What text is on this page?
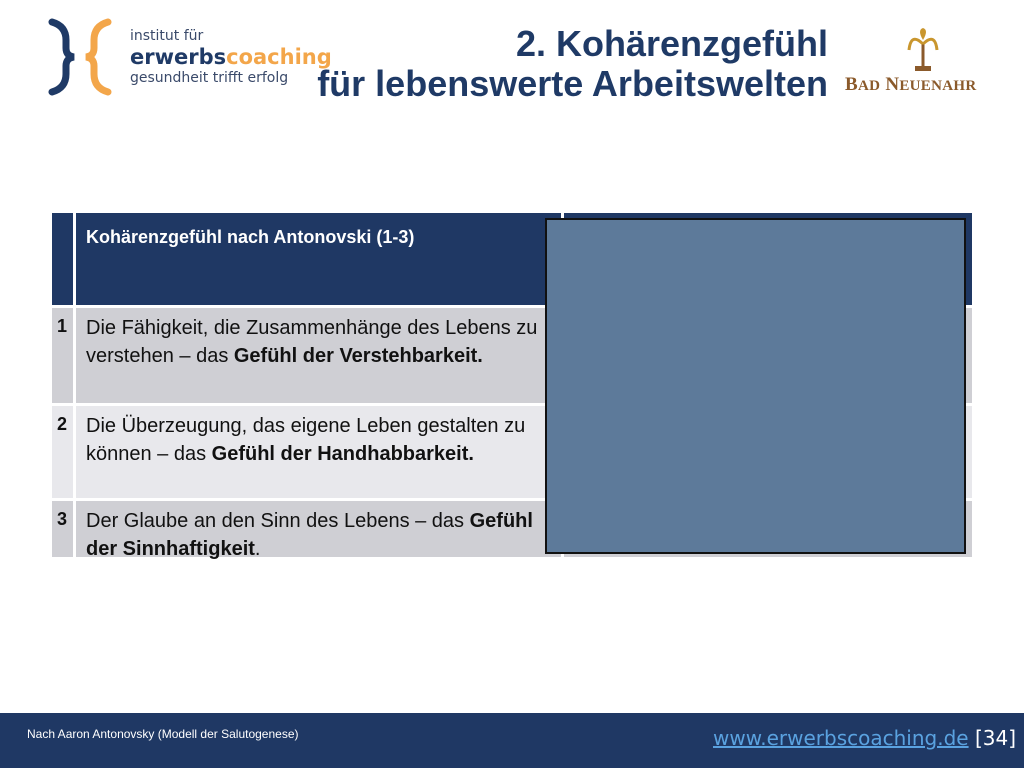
institut für
erwerbscoaching
gesundheit trifft erfolg
2. Kohärenzgefühl
für lebenswerte Arbeitswelten BAD NEUENAHR
Kohärenzgefühl nach Antonovski (1-3)
1 Die Fähigkeit, die Zusammenhänge des Lebens zu verstehen – das Gefühl der Verstehbarkeit.
2 Die Überzeugung, das eigene Leben gestalten zu können – das Gefühl der Handhabbarkeit.
3 Der Glaube an den Sinn des Lebens – das Gefühl der Sinnhaftigkeit.
Nach Aaron Antonovsky (Modell der Salutogenese)	www.erwerbscoaching.de [34]
